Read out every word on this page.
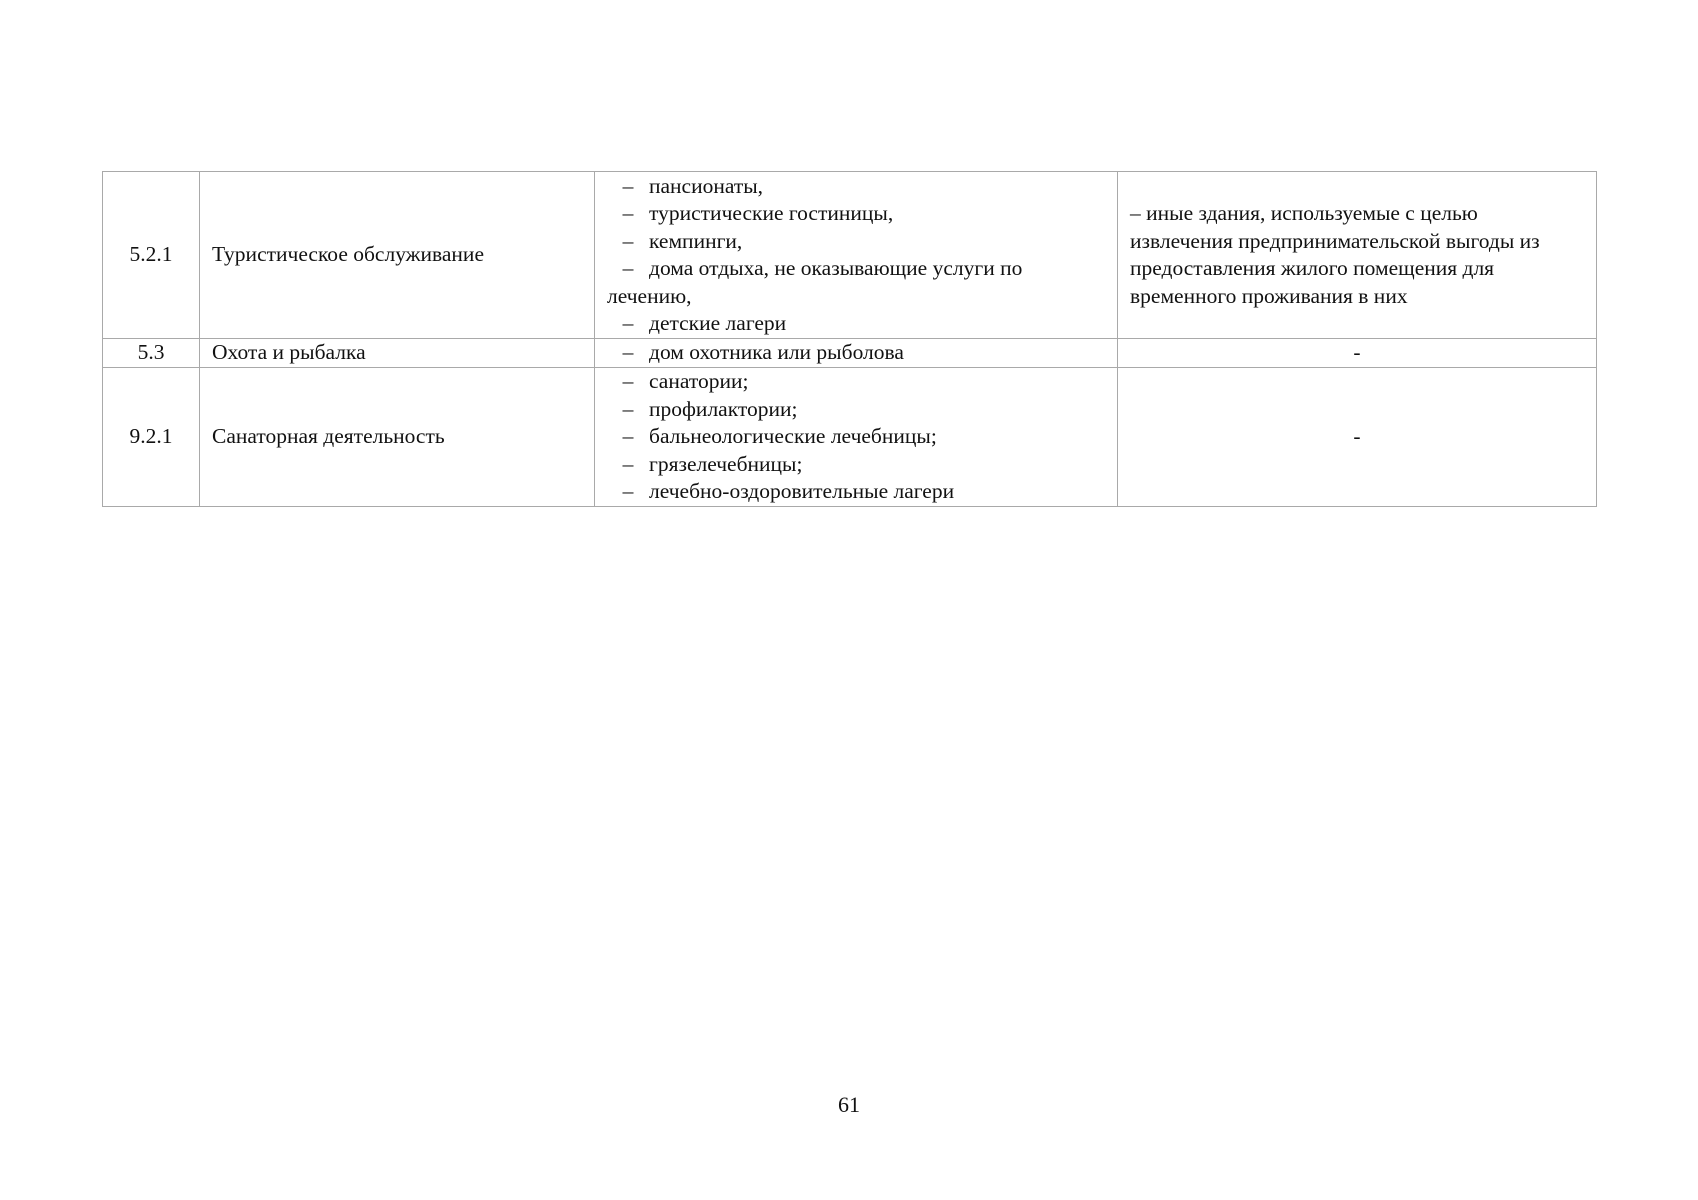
5.2.1	Туристическое обслуживание	– пансионаты,
– туристические гостиницы,
– кемпинги,
– дома отдыха, не оказывающие услуги по лечению,
– детские лагери	– иные здания, используемые с целью извлечения предпринимательской выгоды из предоставления жилого помещения для временного проживания в них
5.3	Охота и рыбалка	– дом охотника или рыболова	-
9.2.1	Санаторная деятельность	– санатории;
– профилактории;
– бальнеологические лечебницы;
– грязелечебницы;
– лечебно-оздоровительные лагери	-
61
